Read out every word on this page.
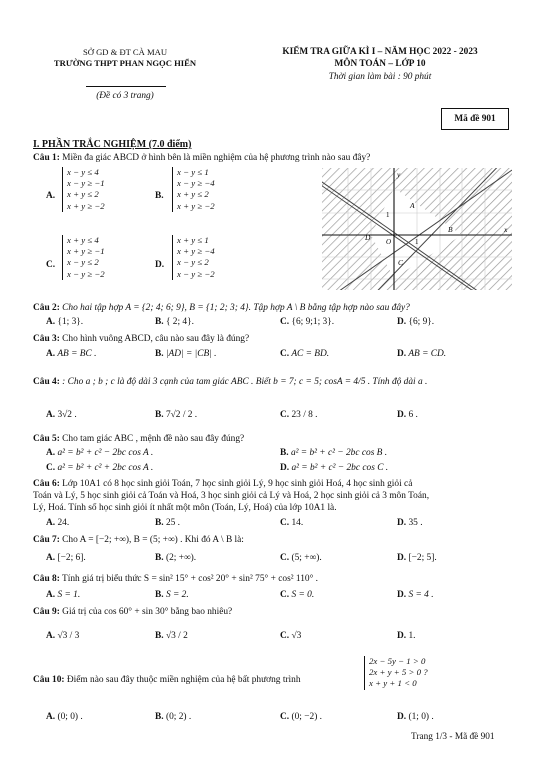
SỞ GD & ĐT CÀ MAU
TRƯỜNG THPT PHAN NGỌC HIỂN
(Đề có 3 trang)
KIỂM TRA GIỮA KÌ I – NĂM HỌC 2022 - 2023
MÔN TOÁN – LỚP 10
Thời gian làm bài : 90 phút
Mã đề 901
I. PHẦN TRẮC NGHIỆM (7.0 điểm)
Câu 1: Miền đa giác ABCD ở hình bên là miền nghiệm của hệ phương trình nào sau đây?
A.
x − y ≤ 4
x − y ≥ −1
x + y ≤ 2
x + y ≥ −2
B.
x − y ≤ 1
x − y ≥ −4
x + y ≤ 2
x + y ≥ −2
C.
x + y ≤ 4
x + y ≥ −1
x − y ≤ 2
x − y ≥ −2
D.
x + y ≤ 1
x + y ≥ −4
x − y ≤ 2
x − y ≥ −2
y
x
A
B
C
D O	1
1
Câu 2: Cho hai tập hợp A = {2; 4; 6; 9}, B = {1; 2; 3; 4}. Tập hợp A \ B bằng tập hợp nào sau đây?
A. {1; 3}.	B. { 2; 4}.	C. {6; 9;1; 3}.	D. {6; 9}.
Câu 3: Cho hình vuông ABCD, câu nào sau đây là đúng?
A. AB = BC .	B. |AD| = |CB| .	C. AC = BD.	D. AB = CD.
Câu 4: : Cho a ; b ; c là độ dài 3 cạnh của tam giác ABC . Biết b = 7; c = 5; cosA = 4/5 . Tính độ dài a .
A. 3√2 .	B. 7√2 / 2 .	C. 23 / 8 .	D. 6 .
Câu 5: Cho tam giác ABC , mệnh đề nào sau đây đúng?
A. a² = b² + c² − 2bc cos A .	B. a² = b² + c² − 2bc cos B .
C. a² = b² + c² + 2bc cos A .	D. a² = b² + c² − 2bc cos C .
Câu 6: Lớp 10A1 có 8 học sinh giỏi Toán, 7 học sinh giỏi Lý, 9 học sinh giỏi Hoá, 4 học sinh giỏi cả
Toán và Lý, 5 học sinh giỏi cả Toán và Hoá, 3 học sinh giỏi cả Lý và Hoá, 2 học sinh giỏi cả 3 môn Toán,
Lý, Hoá. Tính số học sinh giỏi ít nhất một môn (Toán, Lý, Hoá) của lớp 10A1 là.
A. 24.	B. 25 .	C. 14.	D. 35 .
Câu 7: Cho A = [−2; +∞), B = (5; +∞) . Khi đó A \ B là:
A. [−2; 6].	B. (2; +∞).	C. (5; +∞).	D. [−2; 5].
Câu 8: Tính giá trị biểu thức S = sin² 15° + cos² 20° + sin² 75° + cos² 110° .
A. S = 1.	B. S = 2.	C. S = 0.	D. S = 4 .
Câu 9: Giá trị của cos 60° + sin 30° bằng bao nhiêu?
A. √3 / 3	B. √3 / 2	C. √3	D. 1.
Câu 10: Điểm nào sau đây thuộc miền nghiệm của hệ bất phương trình
2x − 5y − 1 > 0
2x + y + 5 > 0 ?
x + y + 1 < 0
A. (0; 0) .	B. (0; 2) .	C. (0; −2) .	D. (1; 0) .
Trang 1/3 - Mã đề 901
